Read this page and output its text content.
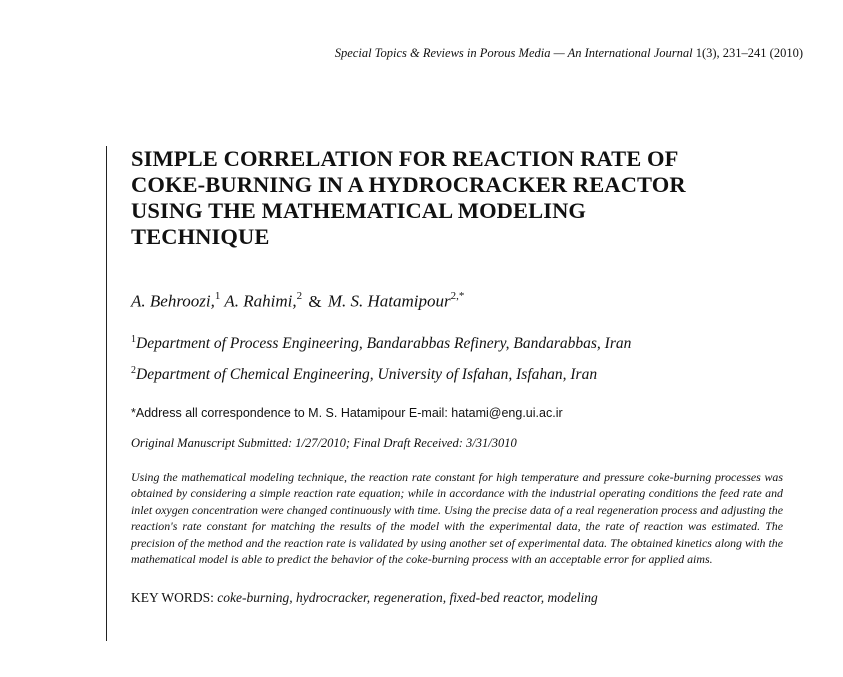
Special Topics & Reviews in Porous Media — An International Journal 1(3), 231–241 (2010)
SIMPLE CORRELATION FOR REACTION RATE OF
COKE-BURNING IN A HYDROCRACKER REACTOR
USING THE MATHEMATICAL MODELING
TECHNIQUE
A. Behroozi,$^1$ A. Rahimi,$^2$ & M. S. Hatamipour$^{2,*}$
$^1$Department of Process Engineering, Bandarabbas Refinery, Bandarabbas, Iran
$^2$Department of Chemical Engineering, University of Isfahan, Isfahan, Iran
*Address all correspondence to M. S. Hatamipour E-mail: hatami@eng.ui.ac.ir
Original Manuscript Submitted: 1/27/2010; Final Draft Received: 3/31/3010
Using the mathematical modeling technique, the reaction rate constant for high temperature and pressure coke-burning processes was obtained by considering a simple reaction rate equation; while in accordance with the industrial operating conditions the feed rate and inlet oxygen concentration were changed continuously with time. Using the precise data of a real regeneration process and adjusting the reaction's rate constant for matching the results of the model with the experimental data, the rate of reaction was estimated. The precision of the method and the reaction rate is validated by using another set of experimental data. The obtained kinetics along with the mathematical model is able to predict the behavior of the coke-burning process with an acceptable error for applied aims.
KEY WORDS: coke-burning, hydrocracker, regeneration, fixed-bed reactor, modeling
